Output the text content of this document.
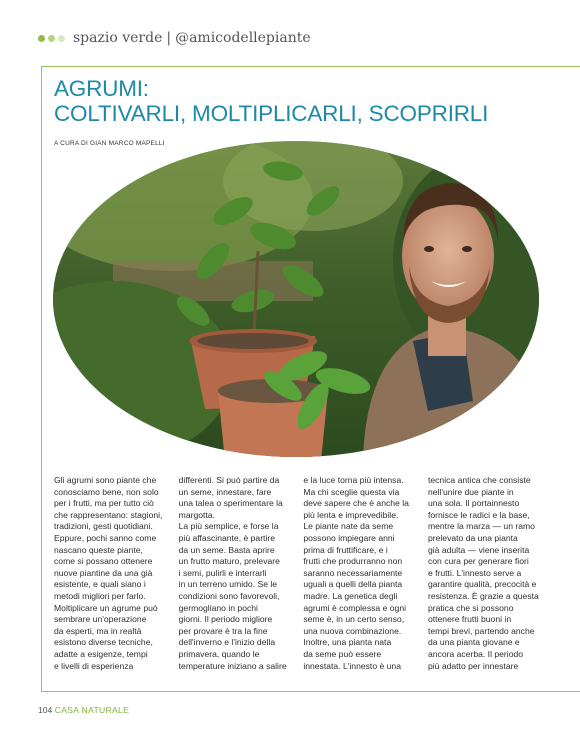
spazio verde | @amicodellepiante
AGRUMI:
COLTIVARLI, MOLTIPLICARLI, SCOPRIRLI
A CURA DI GIAN MARCO MAPELLI
Gli agrumi sono piante che
conosciamo bene, non solo
per i frutti, ma per tutto ciò
che rappresentano: stagioni,
tradizioni, gesti quotidiani.
Eppure, pochi sanno come
nascano queste piante,
come si possano ottenere
nuove piantine da una già
esistente, e quali siano i
metodi migliori per farlo.
Moltiplicare un agrume può
sembrare un'operazione
da esperti, ma in realtà
esistono diverse tecniche,
adatte a esigenze, tempi
e livelli di esperienza
differenti. Si può partire da
un seme, innestare, fare
una talea o sperimentare la
margotta.
La più semplice, e forse la
più affascinante, è partire
da un seme. Basta aprire
un frutto maturo, prelevare
i semi, pulirli e interrarli
in un terreno umido. Se le
condizioni sono favorevoli,
germogliano in pochi
giorni. Il periodo migliore
per provare è tra la fine
dell'inverno e l'inizio della
primavera, quando le
temperature iniziano a salire
e la luce torna più intensa.
Ma chi sceglie questa via
deve sapere che è anche la
più lenta e imprevedibile.
Le piante nate da seme
possono impiegare anni
prima di fruttificare, e i
frutti che produrranno non
saranno necessariamente
uguali a quelli della pianta
madre. La genetica degli
agrumi è complessa e ogni
seme è, in un certo senso,
una nuova combinazione.
Inoltre, una pianta nata
da seme può essere
innestata. L'innesto è una
tecnica antica che consiste
nell'unire due piante in
una sola. Il portainnesto
fornisce le radici e la base,
mentre la marza — un ramo
prelevato da una pianta
già adulta — viene inserita
con cura per generare fiori
e frutti. L'innesto serve a
garantire qualità, precocità e
resistenza. È grazie a questa
pratica che si possono
ottenere frutti buoni in
tempi brevi, partendo anche
da una pianta giovane e
ancora acerba. Il periodo
più adatto per innestare
104 CASA NATURALE
